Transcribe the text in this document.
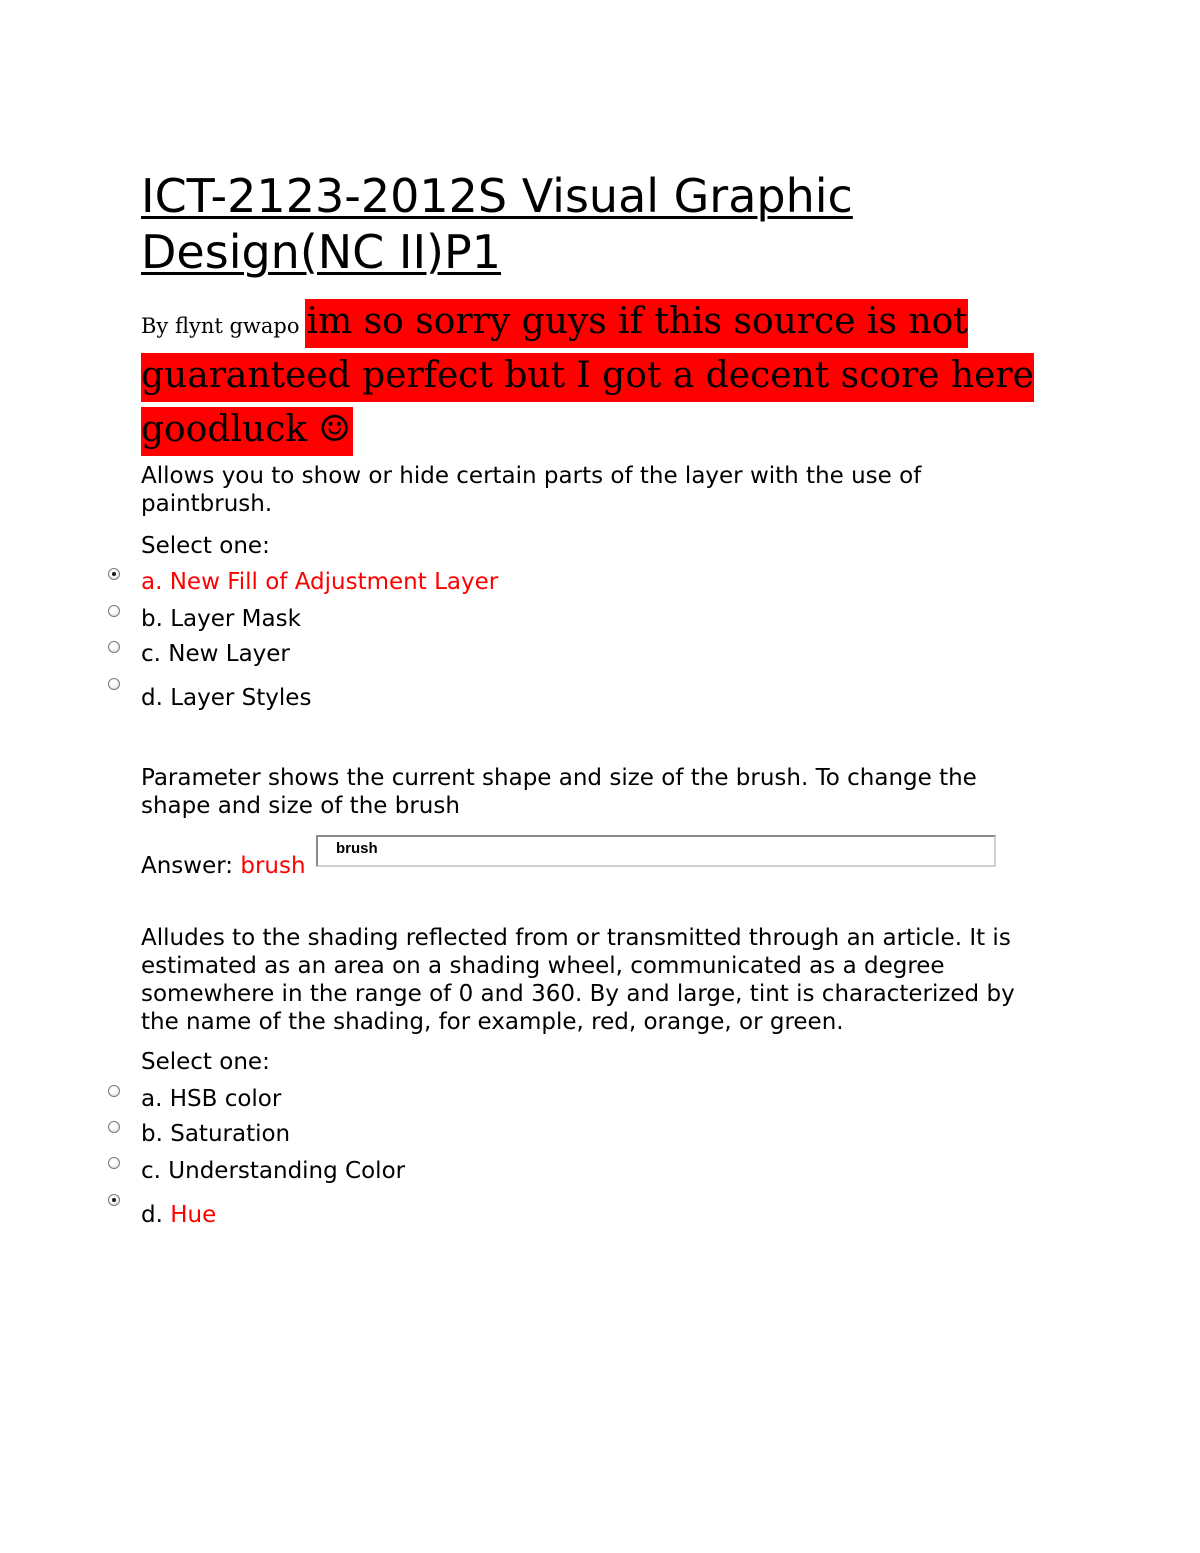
ICT-2123-2012S Visual Graphic Design(NC II)P1
By flynt gwapo im so sorry guys if this source is not guaranteed perfect but I got a decent score here goodluck ☺
Allows you to show or hide certain parts of the layer with the use of paintbrush.
Select one:
a. New Fill of Adjustment Layer
b. Layer Mask
c. New Layer
d. Layer Styles
Parameter shows the current shape and size of the brush. To change the shape and size of the brush
Answer: brush
brush
Alludes to the shading reflected from or transmitted through an article. It is estimated as an area on a shading wheel, communicated as a degree somewhere in the range of 0 and 360. By and large, tint is characterized by the name of the shading, for example, red, orange, or green.
Select one:
a. HSB color
b. Saturation
c. Understanding Color
d. Hue
